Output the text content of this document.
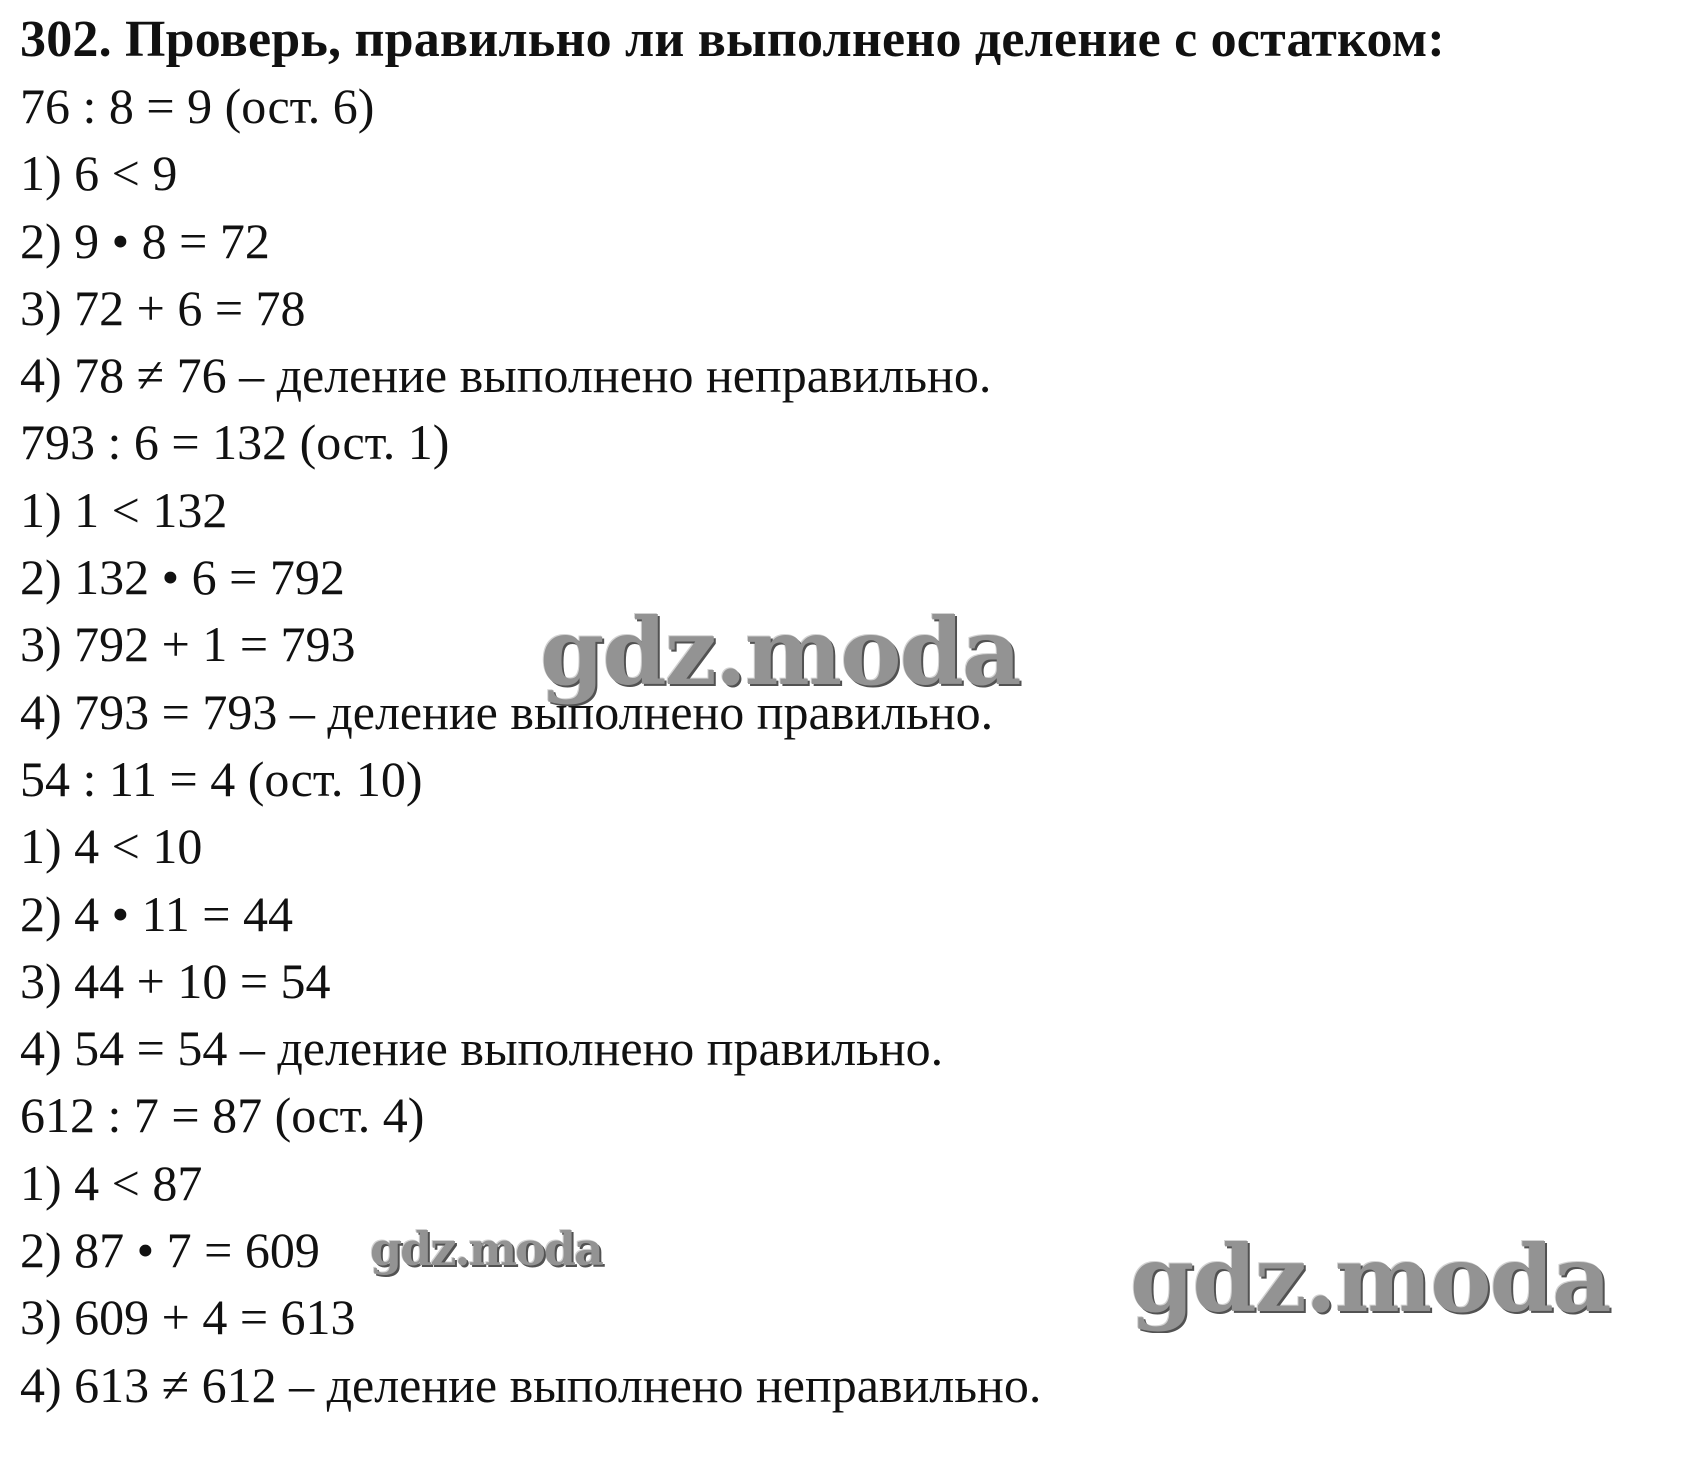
302. Проверь, правильно ли выполнено деление с остатком:
76 : 8 = 9 (ост. 6)
1) 6 < 9
2) 9 • 8 = 72
3) 72 + 6 = 78
4) 78 ≠ 76 – деление выполнено неправильно.
793 : 6 = 132 (ост. 1)
1) 1 < 132
2) 132 • 6 = 792
3) 792 + 1 = 793
4) 793 = 793 – деление выполнено правильно.
54 : 11 = 4 (ост. 10)
1) 4 < 10
2) 4 • 11 = 44
3) 44 + 10 = 54
4) 54 = 54 – деление выполнено правильно.
612 : 7 = 87 (ост. 4)
1) 4 < 87
2) 87 • 7 = 609
3) 609 + 4 = 613
4) 613 ≠ 612 – деление выполнено неправильно.
gdz.moda
gdz.moda	gdz.moda
